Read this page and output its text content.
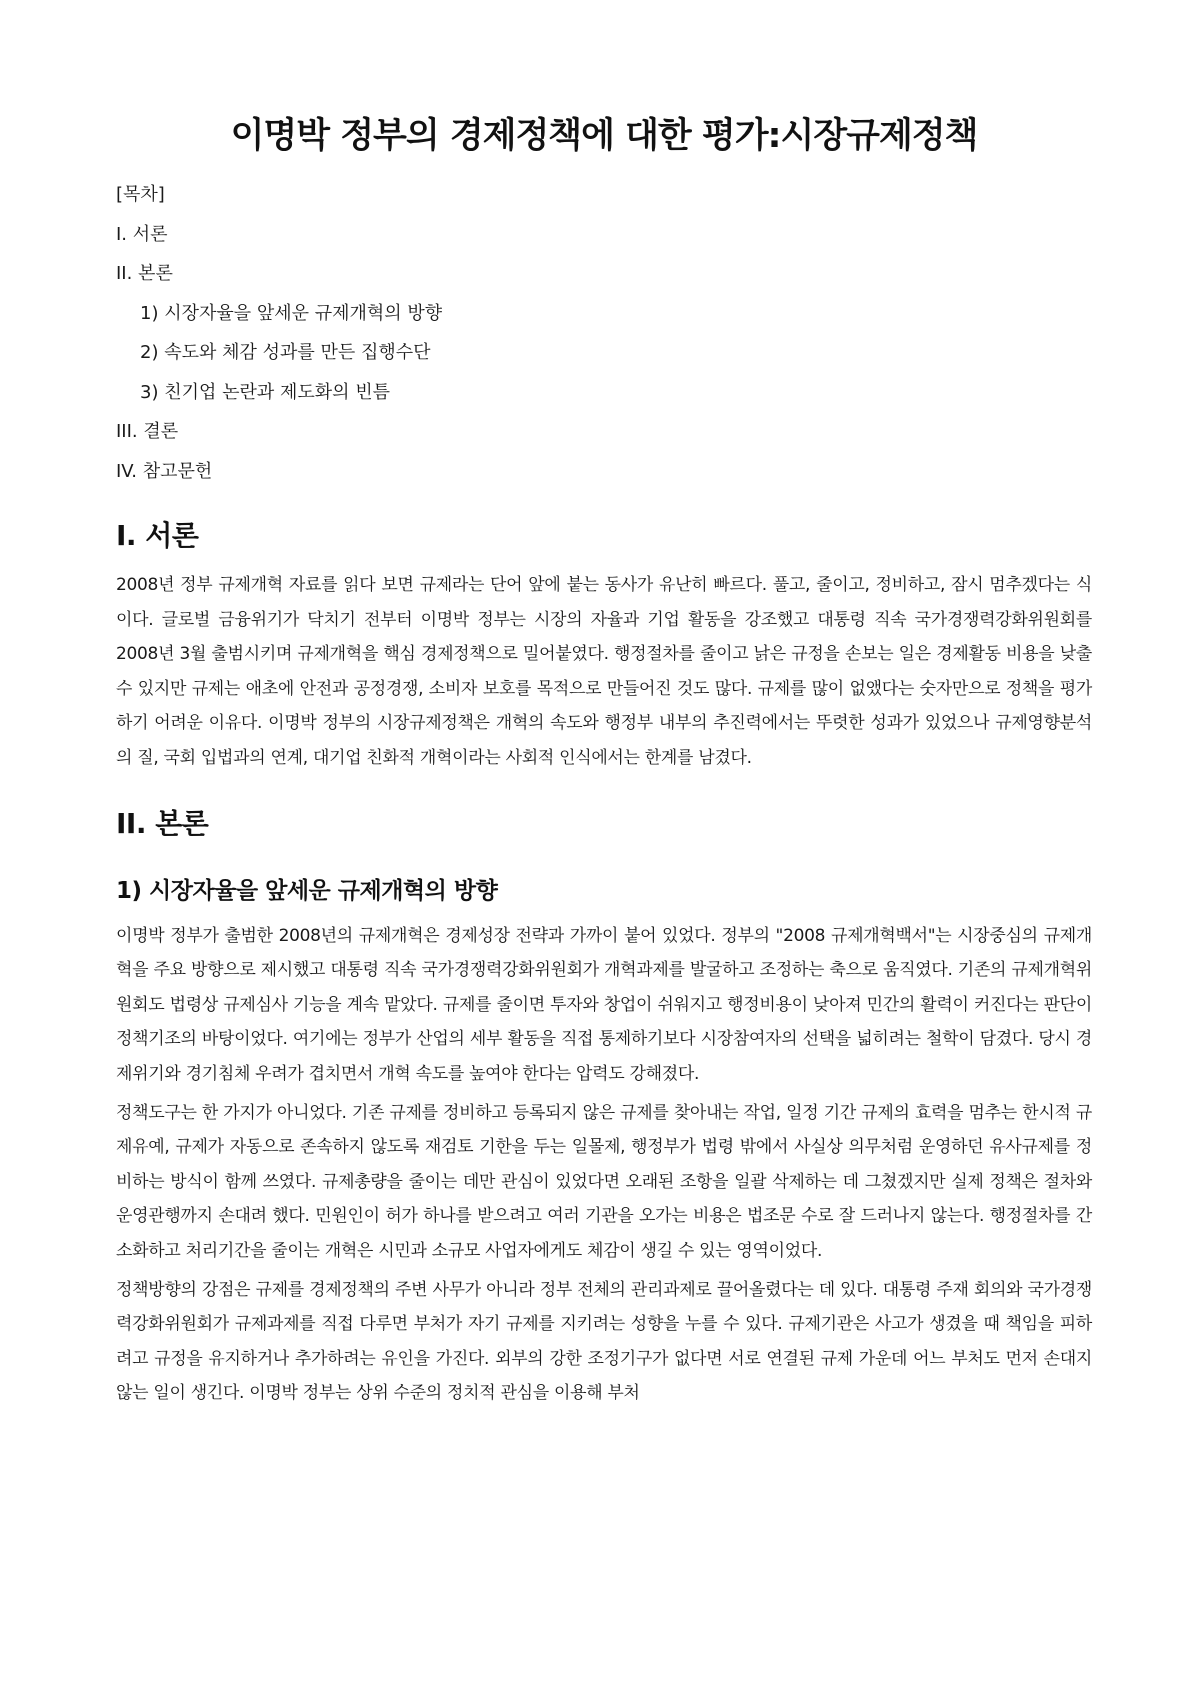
이명박 정부의 경제정책에 대한 평가:시장규제정책

[목차]

I. 서론

II. 본론

1) 시장자율을 앞세운 규제개혁의 방향

2) 속도와 체감 성과를 만든 집행수단

3) 친기업 논란과 제도화의 빈틈

III. 결론

IV. 참고문헌

I. 서론

2008년 정부 규제개혁 자료를 읽다 보면 규제라는 단어 앞에 붙는 동사가 유난히 빠르다. 풀고, 줄이고, 정비하고, 잠시 멈추겠다는 식이다. 글로벌 금융위기가 닥치기 전부터 이명박 정부는 시장의 자율과 기업 활동을 강조했고 대통령 직속 국가경쟁력강화위원회를 2008년 3월 출범시키며 규제개혁을 핵심 경제정책으로 밀어붙였다. 행정절차를 줄이고 낡은 규정을 손보는 일은 경제활동 비용을 낮출 수 있지만 규제는 애초에 안전과 공정경쟁, 소비자 보호를 목적으로 만들어진 것도 많다. 규제를 많이 없앴다는 숫자만으로 정책을 평가하기 어려운 이유다. 이명박 정부의 시장규제정책은 개혁의 속도와 행정부 내부의 추진력에서는 뚜렷한 성과가 있었으나 규제영향분석의 질, 국회 입법과의 연계, 대기업 친화적 개혁이라는 사회적 인식에서는 한계를 남겼다.

II. 본론
1) 시장자율을 앞세운 규제개혁의 방향

이명박 정부가 출범한 2008년의 규제개혁은 경제성장 전략과 가까이 붙어 있었다. 정부의 "2008 규제개혁백서"는 시장중심의 규제개혁을 주요 방향으로 제시했고 대통령 직속 국가경쟁력강화위원회가 개혁과제를 발굴하고 조정하는 축으로 움직였다. 기존의 규제개혁위원회도 법령상 규제심사 기능을 계속 맡았다. 규제를 줄이면 투자와 창업이 쉬워지고 행정비용이 낮아져 민간의 활력이 커진다는 판단이 정책기조의 바탕이었다. 여기에는 정부가 산업의 세부 활동을 직접 통제하기보다 시장참여자의 선택을 넓히려는 철학이 담겼다. 당시 경제위기와 경기침체 우려가 겹치면서 개혁 속도를 높여야 한다는 압력도 강해졌다.

정책도구는 한 가지가 아니었다. 기존 규제를 정비하고 등록되지 않은 규제를 찾아내는 작업, 일정 기간 규제의 효력을 멈추는 한시적 규제유예, 규제가 자동으로 존속하지 않도록 재검토 기한을 두는 일몰제, 행정부가 법령 밖에서 사실상 의무처럼 운영하던 유사규제를 정비하는 방식이 함께 쓰였다. 규제총량을 줄이는 데만 관심이 있었다면 오래된 조항을 일괄 삭제하는 데 그쳤겠지만 실제 정책은 절차와 운영관행까지 손대려 했다. 민원인이 허가 하나를 받으려고 여러 기관을 오가는 비용은 법조문 수로 잘 드러나지 않는다. 행정절차를 간소화하고 처리기간을 줄이는 개혁은 시민과 소규모 사업자에게도 체감이 생길 수 있는 영역이었다.

정책방향의 강점은 규제를 경제정책의 주변 사무가 아니라 정부 전체의 관리과제로 끌어올렸다는 데 있다. 대통령 주재 회의와 국가경쟁력강화위원회가 규제과제를 직접 다루면 부처가 자기 규제를 지키려는 성향을 누를 수 있다. 규제기관은 사고가 생겼을 때 책임을 피하려고 규정을 유지하거나 추가하려는 유인을 가진다. 외부의 강한 조정기구가 없다면 서로 연결된 규제 가운데 어느 부처도 먼저 손대지 않는 일이 생긴다. 이명박 정부는 상위 수준의 정치적 관심을 이용해 부처
